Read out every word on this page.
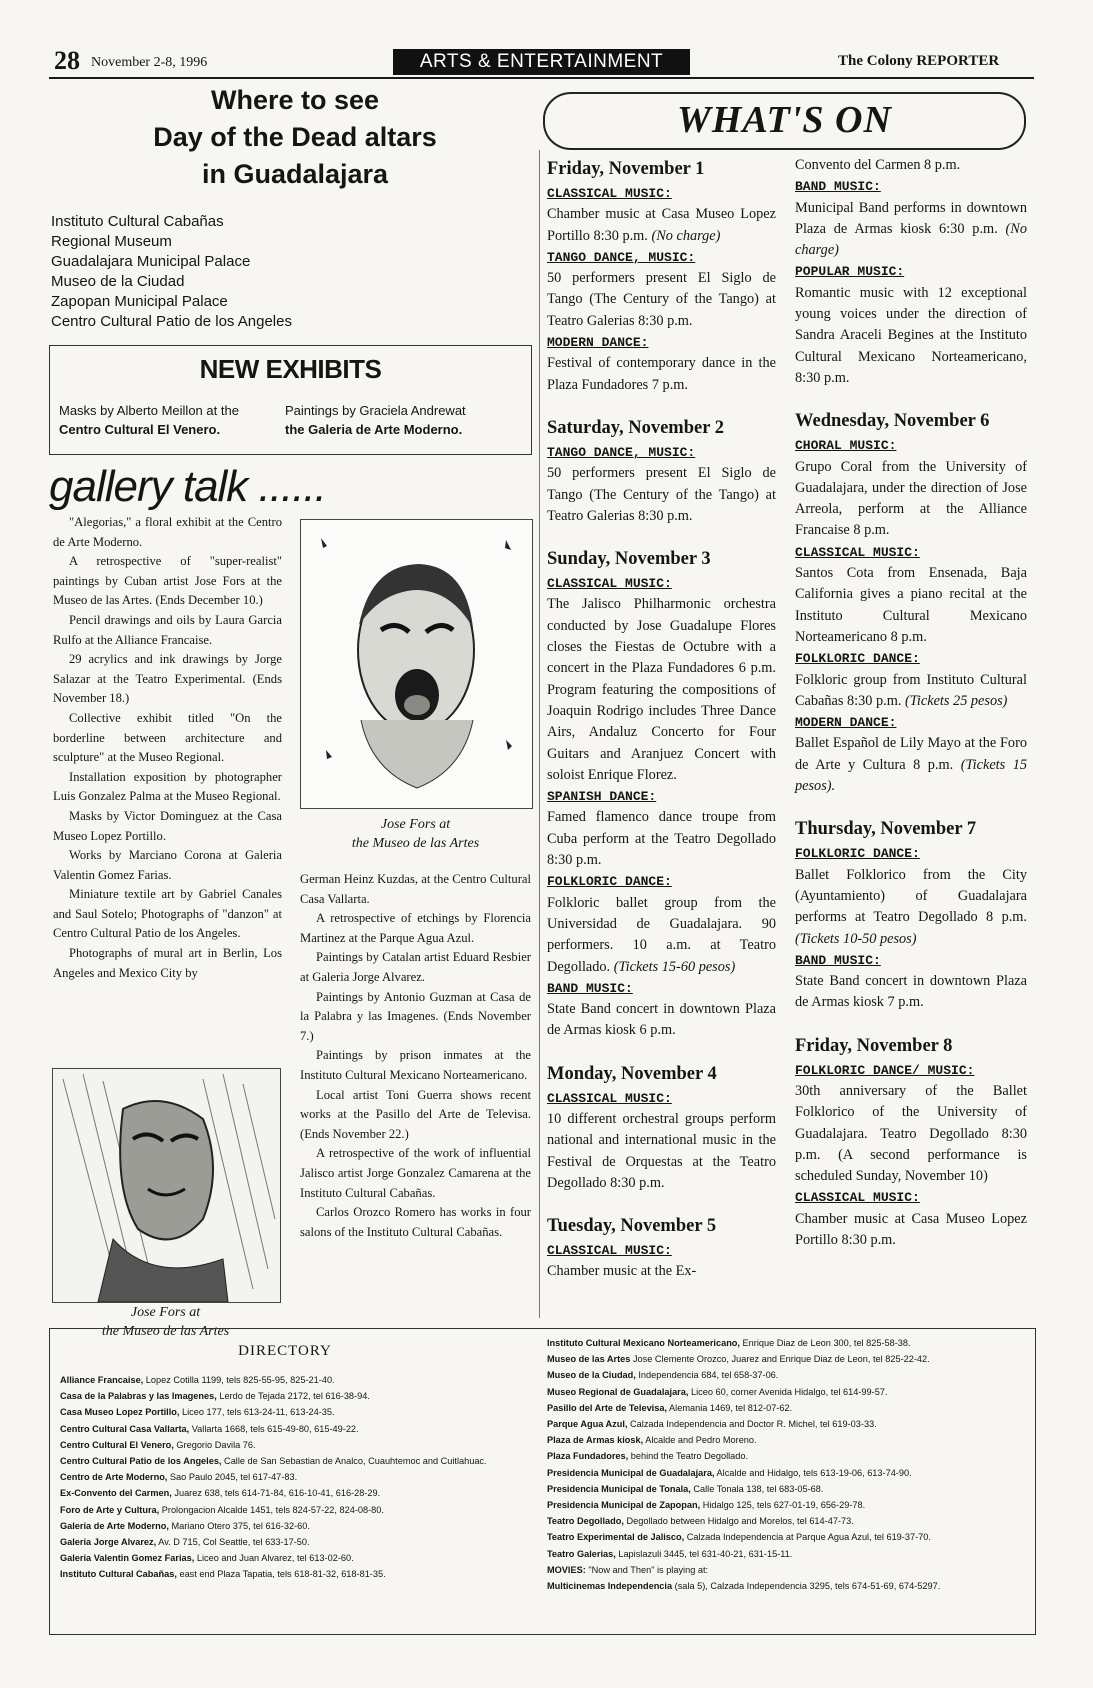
28 November 2-8, 1996	ARTS & ENTERTAINMENT	The Colony REPORTER
Where to see
Day of the Dead altars
in Guadalajara
Instituto Cultural Cabañas
Regional Museum
Guadalajara Municipal Palace
Museo de la Ciudad
Zapopan Municipal Palace
Centro Cultural Patio de los Angeles
NEW EXHIBITS
Masks by Alberto Meillon at the
Centro Cultural El Venero.
Paintings by Graciela Andrewat
the Galeria de Arte Moderno.
gallery talk ......

"Alegorias," a floral exhibit at the Centro de Arte Moderno.

A retrospective of "super-realist" paintings by Cuban artist Jose Fors at the Museo de las Artes. (Ends December 10.)

Pencil drawings and oils by Laura Garcia Rulfo at the Alliance Francaise.

29 acrylics and ink drawings by Jorge Salazar at the Teatro Experimental. (Ends November 18.)

Collective exhibit titled "On the borderline between architecture and sculpture" at the Museo Regional.

Installation exposition by photographer Luis Gonzalez Palma at the Museo Regional.

Masks by Victor Dominguez at the Casa Museo Lopez Portillo.

Works by Marciano Corona at Galeria Valentin Gomez Farias.

Miniature textile art by Gabriel Canales and Saul Sotelo; Photographs of "danzon" at Centro Cultural Patio de los Angeles.

Photographs of mural art in Berlin, Los Angeles and Mexico City by

Jose Fors at
the Museo de las Artes

German Heinz Kuzdas, at the Centro Cultural Casa Vallarta.

A retrospective of etchings by Florencia Martinez at the Parque Agua Azul.

Paintings by Catalan artist Eduard Resbier at Galeria Jorge Alvarez.

Paintings by Antonio Guzman at Casa de la Palabra y las Imagenes. (Ends November 7.)

Paintings by prison inmates at the Instituto Cultural Mexicano Norteamericano.

Local artist Toni Guerra shows recent works at the Pasillo del Arte de Televisa. (Ends November 22.)

A retrospective of the work of influential Jalisco artist Jorge Gonzalez Camarena at the Instituto Cultural Cabañas.

Carlos Orozco Romero has works in four salons of the Instituto Cultural Cabañas.

Jose Fors at
the Museo de las Artes
WHAT'S ON
Friday, November 1

CLASSICAL MUSIC:
Chamber music at Casa Museo Lopez Portillo 8:30 p.m. (No charge)

TANGO DANCE, MUSIC:
50 performers present El Siglo de Tango (The Century of the Tango) at Teatro Galerias 8:30 p.m.

MODERN DANCE:
Festival of contemporary dance in the Plaza Fundadores 7 p.m.

Saturday, November 2

TANGO DANCE, MUSIC:
50 performers present El Siglo de Tango (The Century of the Tango) at Teatro Galerias 8:30 p.m.

Sunday, November 3

CLASSICAL MUSIC:
The Jalisco Philharmonic orchestra conducted by Jose Guadalupe Flores closes the Fiestas de Octubre with a concert in the Plaza Fundadores 6 p.m. Program featuring the compositions of Joaquin Rodrigo includes Three Dance Airs, Andaluz Concerto for Four Guitars and Aranjuez Concert with soloist Enrique Florez.

SPANISH DANCE:
Famed flamenco dance troupe from Cuba perform at the Teatro Degollado 8:30 p.m.

FOLKLORIC DANCE:
Folkloric ballet group from the Universidad de Guadalajara. 90 performers. 10 a.m. at Teatro Degollado. (Tickets 15-60 pesos)

BAND MUSIC:
State Band concert in downtown Plaza de Armas kiosk 6 p.m.

Monday, November 4

CLASSICAL MUSIC:
10 different orchestral groups perform national and international music in the Festival de Orquestas at the Teatro Degollado 8:30 p.m.

Tuesday, November 5

CLASSICAL MUSIC:
Chamber music at the Ex-

Convento del Carmen 8 p.m.

BAND MUSIC:
Municipal Band performs in downtown Plaza de Armas kiosk 6:30 p.m. (No charge)

POPULAR MUSIC:
Romantic music with 12 exceptional young voices under the direction of Sandra Araceli Begines at the Instituto Cultural Mexicano Norteamericano, 8:30 p.m.

Wednesday, November 6

CHORAL MUSIC:
Grupo Coral from the University of Guadalajara, under the direction of Jose Arreola, perform at the Alliance Francaise 8 p.m.

CLASSICAL MUSIC:
Santos Cota from Ensenada, Baja California gives a piano recital at the Instituto Cultural Mexicano Norteamericano 8 p.m.

FOLKLORIC DANCE:
Folkloric group from Instituto Cultural Cabañas 8:30 p.m. (Tickets 25 pesos)

MODERN DANCE:
Ballet Español de Lily Mayo at the Foro de Arte y Cultura 8 p.m. (Tickets 15 pesos).

Thursday, November 7

FOLKLORIC DANCE:
Ballet Folklorico from the City (Ayuntamiento) of Guadalajara performs at Teatro Degollado 8 p.m. (Tickets 10-50 pesos)

BAND MUSIC:
State Band concert in downtown Plaza de Armas kiosk 7 p.m.

Friday, November 8

FOLKLORIC DANCE/ MUSIC:
30th anniversary of the Ballet Folklorico of the University of Guadalajara. Teatro Degollado 8:30 p.m. (A second performance is scheduled Sunday, November 10)

CLASSICAL MUSIC:
Chamber music at Casa Museo Lopez Portillo 8:30 p.m.

DIRECTORY
Alliance Francaise, Lopez Cotilla 1199, tels 825-55-95, 825-21-40.
Casa de la Palabras y las Imagenes, Lerdo de Tejada 2172, tel 616-38-94.
Casa Museo Lopez Portillo, Liceo 177, tels 613-24-11, 613-24-35.
Centro Cultural Casa Vallarta, Vallarta 1668, tels 615-49-80, 615-49-22.
Centro Cultural El Venero, Gregorio Davila 76.
Centro Cultural Patio de los Angeles, Calle de San Sebastian de Analco, Cuauhtemoc and Cuitlahuac.
Centro de Arte Moderno, Sao Paulo 2045, tel 617-47-83.
Ex-Convento del Carmen, Juarez 638, tels 614-71-84, 616-10-41, 616-28-29.
Foro de Arte y Cultura, Prolongacion Alcalde 1451, tels 824-57-22, 824-08-80.
Galeria de Arte Moderno, Mariano Otero 375, tel 616-32-60.
Galeria Jorge Alvarez, Av. D 715, Col Seattle, tel 633-17-50.
Galeria Valentin Gomez Farias, Liceo and Juan Alvarez, tel 613-02-60.
Instituto Cultural Cabañas, east end Plaza Tapatia, tels 618-81-32, 618-81-35.
Instituto Cultural Mexicano Norteamericano, Enrique Diaz de Leon 300, tel 825-58-38.
Museo de las Artes Jose Clemente Orozco, Juarez and Enrique Diaz de Leon, tel 825-22-42.
Museo de la Ciudad, Independencia 684, tel 658-37-06.
Museo Regional de Guadalajara, Liceo 60, corner Avenida Hidalgo, tel 614-99-57.
Pasillo del Arte de Televisa, Alemania 1469, tel 812-07-62.
Parque Agua Azul, Calzada Independencia and Doctor R. Michel, tel 619-03-33.
Plaza de Armas kiosk, Alcalde and Pedro Moreno.
Plaza Fundadores, behind the Teatro Degollado.
Presidencia Municipal de Guadalajara, Alcalde and Hidalgo, tels 613-19-06, 613-74-90.
Presidencia Municipal de Tonala, Calle Tonala 138, tel 683-05-68.
Presidencia Municipal de Zapopan, Hidalgo 125, tels 627-01-19, 656-29-78.
Teatro Degollado, Degollado between Hidalgo and Morelos, tel 614-47-73.
Teatro Experimental de Jalisco, Calzada Independencia at Parque Agua Azul, tel 619-37-70.
Teatro Galerias, Lapislazuli 3445, tel 631-40-21, 631-15-11.
MOVIES: "Now and Then" is playing at:
Multicinemas Independencia (sala 5), Calzada Independencia 3295, tels 674-51-69, 674-5297.
